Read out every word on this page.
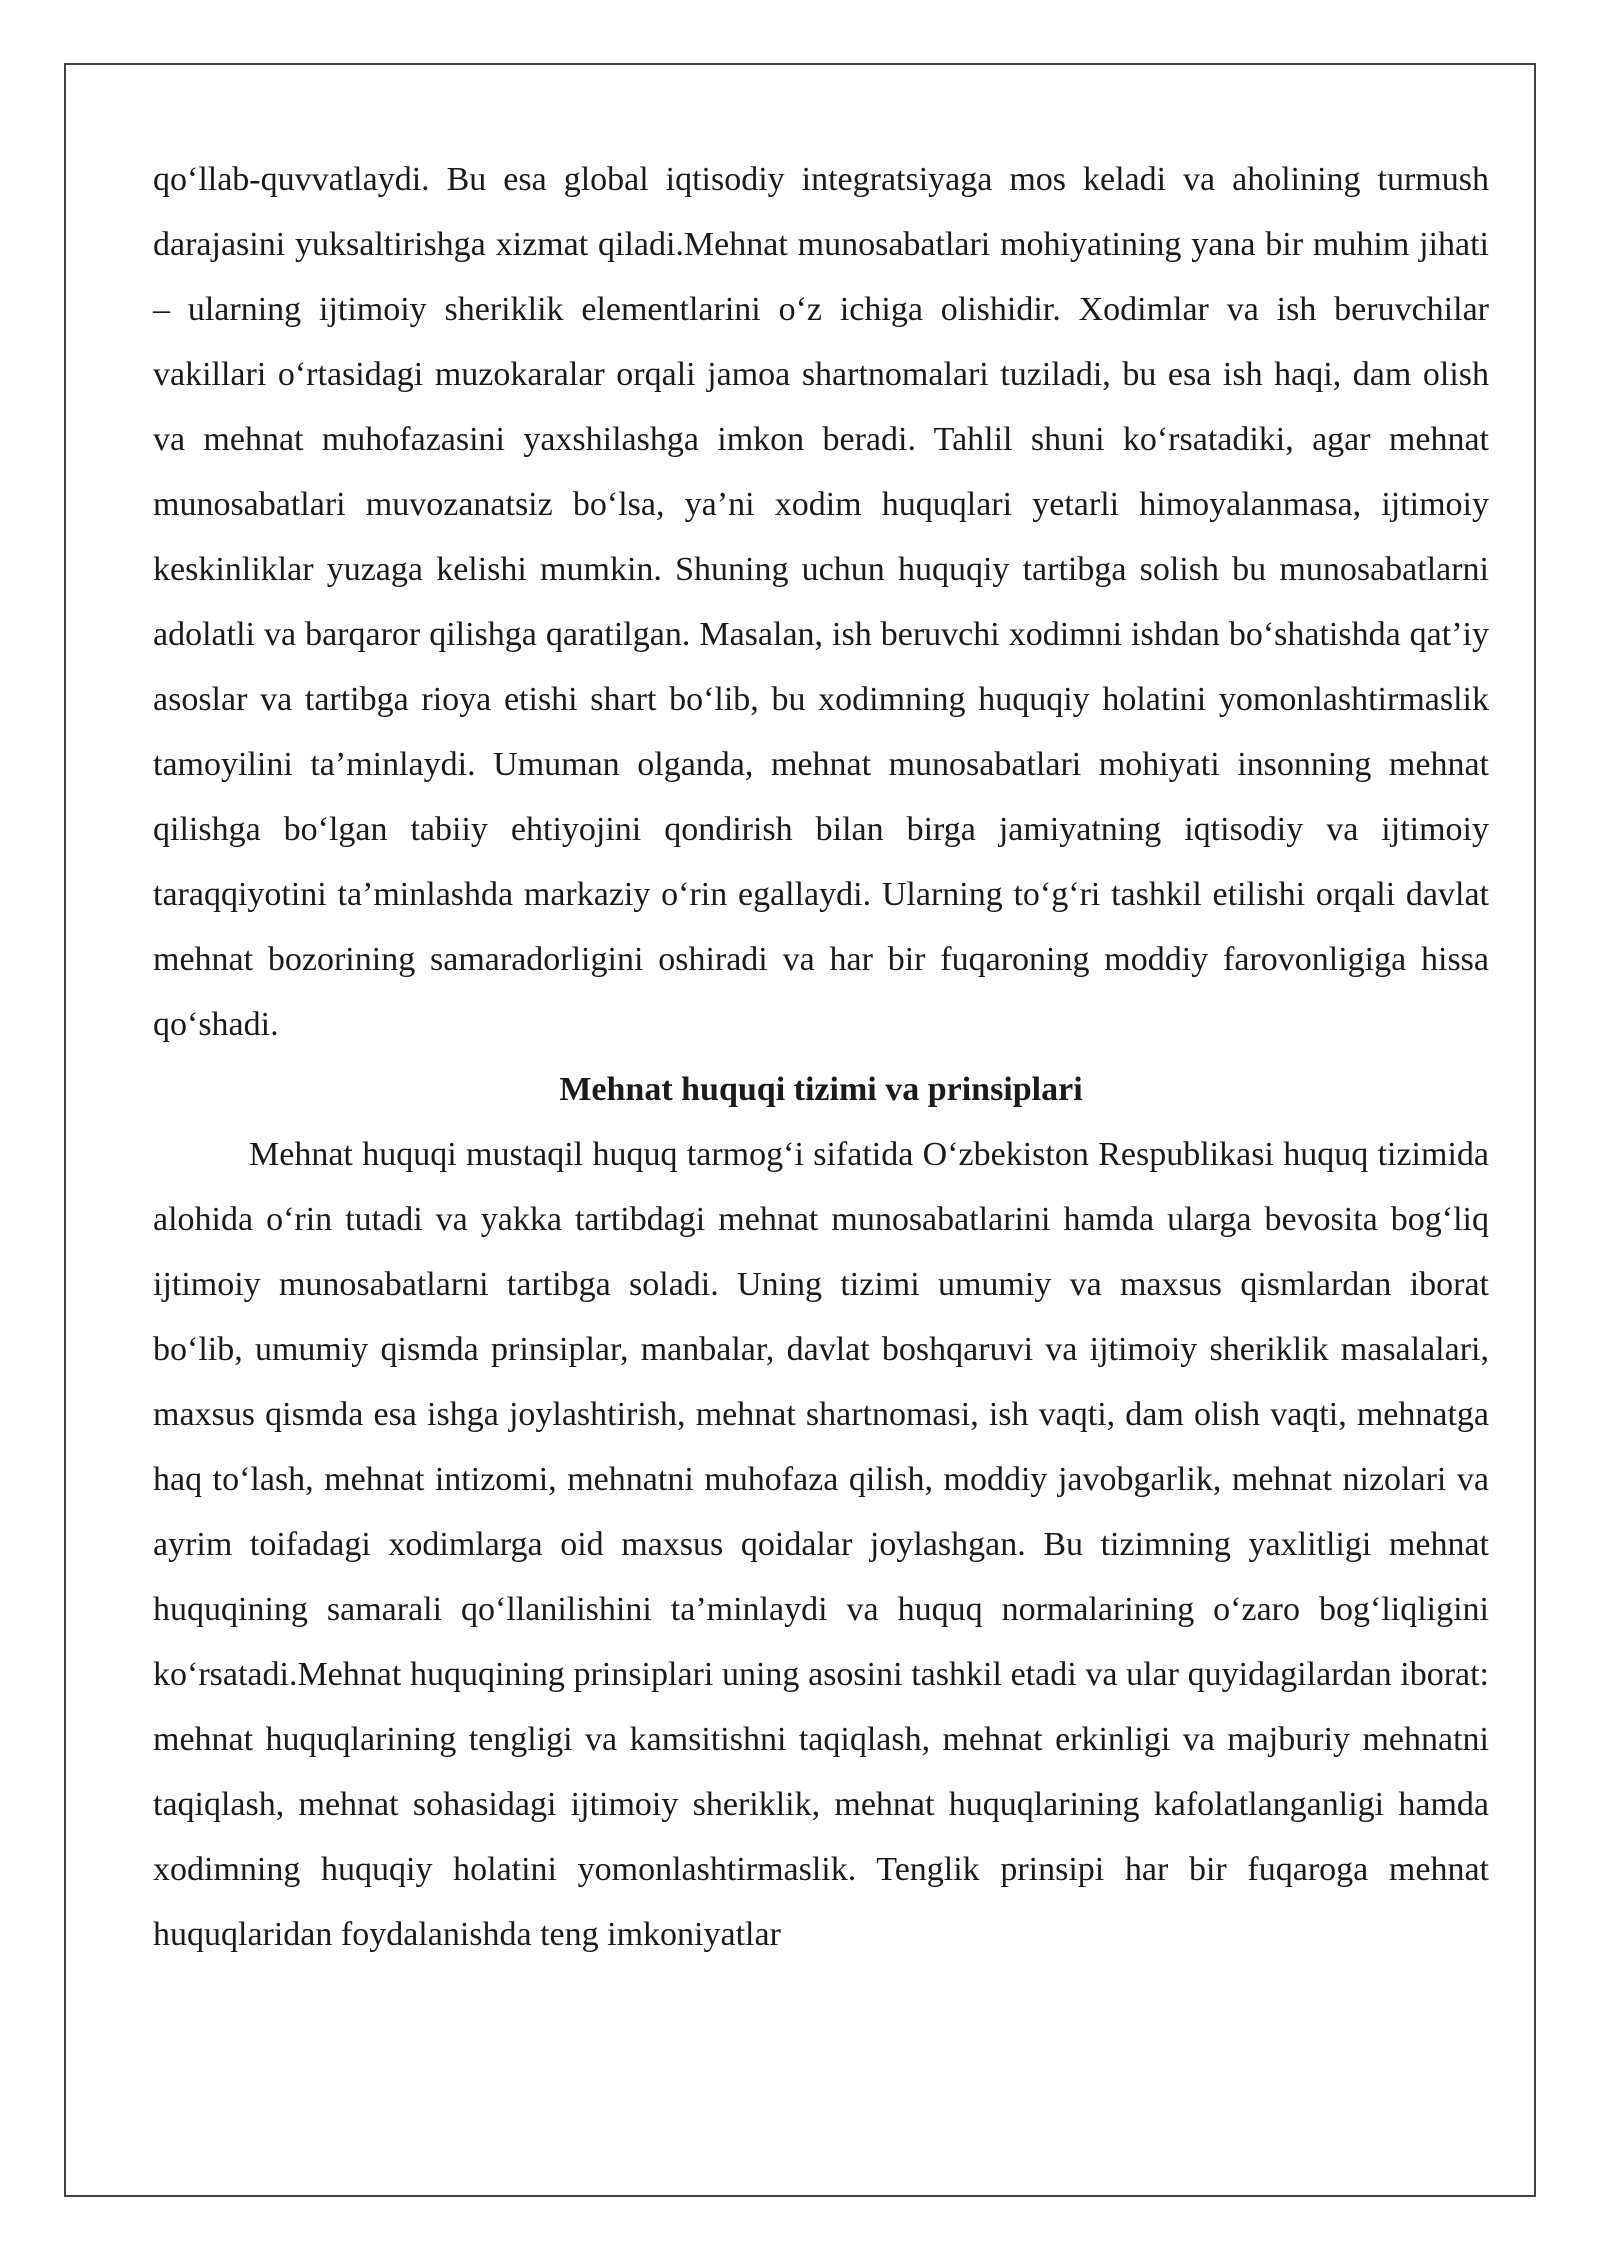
qo‘llab-quvvatlaydi. Bu esa global iqtisodiy integratsiyaga mos keladi va aholining turmush darajasini yuksaltirishga xizmat qiladi.Mehnat munosabatlari mohiyatining yana bir muhim jihati – ularning ijtimoiy sheriklik elementlarini o‘z ichiga olishidir. Xodimlar va ish beruvchilar vakillari o‘rtasidagi muzokaralar orqali jamoa shartnomalari tuziladi, bu esa ish haqi, dam olish va mehnat muhofazasini yaxshilashga imkon beradi. Tahlil shuni ko‘rsatadiki, agar mehnat munosabatlari muvozanatsiz bo‘lsa, ya’ni xodim huquqlari yetarli himoyalanmasa, ijtimoiy keskinliklar yuzaga kelishi mumkin. Shuning uchun huquqiy tartibga solish bu munosabatlarni adolatli va barqaror qilishga qaratilgan. Masalan, ish beruvchi xodimni ishdan bo‘shatishda qat’iy asoslar va tartibga rioya etishi shart bo‘lib, bu xodimning huquqiy holatini yomonlashtirmaslik tamoyilini ta’minlaydi. Umuman olganda, mehnat munosabatlari mohiyati insonning mehnat qilishga bo‘lgan tabiiy ehtiyojini qondirish bilan birga jamiyatning iqtisodiy va ijtimoiy taraqqiyotini ta’minlashda markaziy o‘rin egallaydi. Ularning to‘g‘ri tashkil etilishi orqali davlat mehnat bozorining samaradorligini oshiradi va har bir fuqaroning moddiy farovonligiga hissa qo‘shadi.

Mehnat huquqi tizimi va prinsiplari

Mehnat huquqi mustaqil huquq tarmog‘i sifatida O‘zbekiston Respublikasi huquq tizimida alohida o‘rin tutadi va yakka tartibdagi mehnat munosabatlarini hamda ularga bevosita bog‘liq ijtimoiy munosabatlarni tartibga soladi. Uning tizimi umumiy va maxsus qismlardan iborat bo‘lib, umumiy qismda prinsiplar, manbalar, davlat boshqaruvi va ijtimoiy sheriklik masalalari, maxsus qismda esa ishga joylashtirish, mehnat shartnomasi, ish vaqti, dam olish vaqti, mehnatga haq to‘lash, mehnat intizomi, mehnatni muhofaza qilish, moddiy javobgarlik, mehnat nizolari va ayrim toifadagi xodimlarga oid maxsus qoidalar joylashgan. Bu tizimning yaxlitligi mehnat huquqining samarali qo‘llanilishini ta’minlaydi va huquq normalarining o‘zaro bog‘liqligini ko‘rsatadi.Mehnat huquqining prinsiplari uning asosini tashkil etadi va ular quyidagilardan iborat: mehnat huquqlarining tengligi va kamsitishni taqiqlash, mehnat erkinligi va majburiy mehnatni taqiqlash, mehnat sohasidagi ijtimoiy sheriklik, mehnat huquqlarining kafolatlanganligi hamda xodimning huquqiy holatini yomonlashtirmaslik. Tenglik prinsipi har bir fuqaroga mehnat huquqlaridan foydalanishda teng imkoniyatlar
